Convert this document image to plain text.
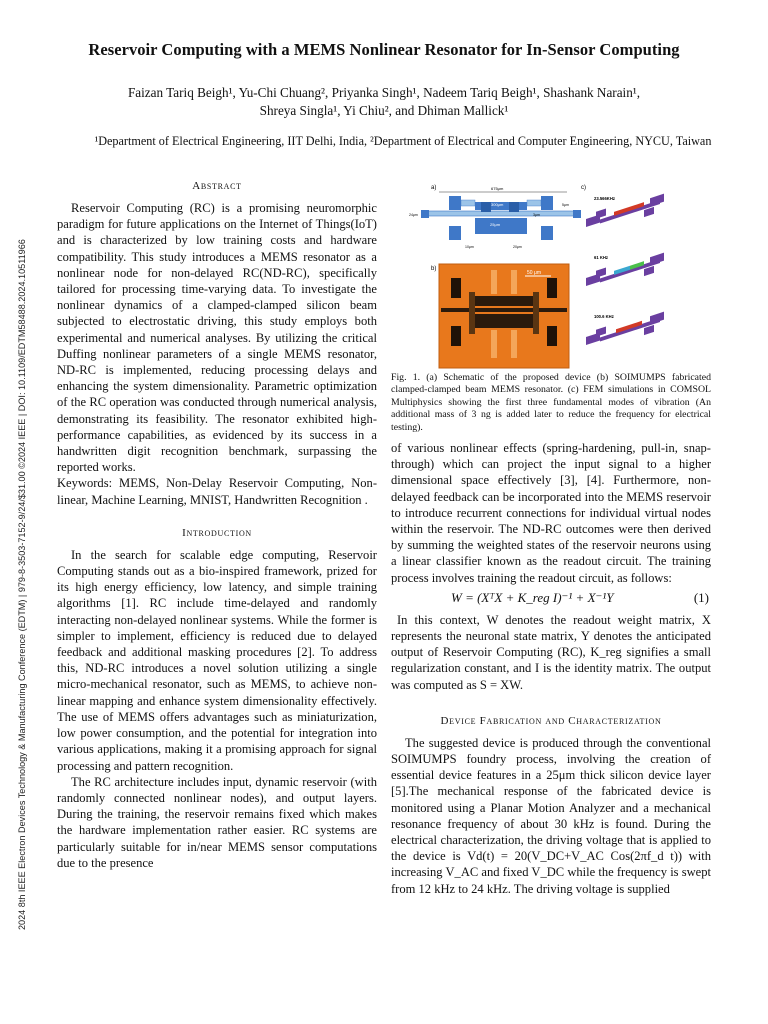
Reservoir Computing with a MEMS Nonlinear Resonator for In-Sensor Computing
Faizan Tariq Beigh¹, Yu-Chi Chuang², Priyanka Singh¹, Nadeem Tariq Beigh¹, Shashank Narain¹,
Shreya Singla¹, Yi Chiu², and Dhiman Mallick¹
¹Department of Electrical Engineering, IIT Delhi, India, ²Department of Electrical and Computer Engineering, NYCU, Taiwan
2024 8th IEEE Electron Devices Technology & Manufacturing Conference (EDTM) | 979-8-3503-7152-9/24/$31.00 ©2024 IEEE | DOI: 10.1109/EDTM58488.2024.10511966
Abstract

Reservoir Computing (RC) is a promising neuromorphic paradigm for future applications on the Internet of Things(IoT) and is characterized by low training costs and hardware compatibility. This study introduces a MEMS resonator as a nonlinear node for non-delayed RC(ND-RC), specifically tailored for processing time-varying data. To investigate the nonlinear dynamics of a clamped-clamped silicon beam subjected to electrostatic driving, this study employs both experimental and numerical analyses. By utilizing the critical Duffing nonlinear parameters of a single MEMS resonator, ND-RC is implemented, reducing processing delays and enhancing the system dimensionality. Parametric optimization of the RC operation was conducted through numerical analysis, demonstrating its feasibility. The resonator exhibited high-performance capabilities, as evidenced by its success in a handwritten digit recognition benchmark, surpassing the reported works.

Keywords: MEMS, Non-Delay Reservoir Computing, Non-linear, Machine Learning, MNIST, Handwritten Recognition .

Introduction

In the search for scalable edge computing, Reservoir Computing stands out as a bio-inspired framework, prized for its high energy efficiency, low latency, and simple training algorithms [1]. RC include time-delayed and randomly interacting non-delayed nonlinear systems. While the former is simpler to implement, efficiency is reduced due to delayed feedback and additional masking procedures [2]. To address this, ND-RC introduces a novel solution utilizing a single micro-mechanical resonator, such as MEMS, to achieve non-linear mapping and enhance system dimensionality effectively. The use of MEMS offers advantages such as miniaturization, low power consumption, and the potential for integration into various applications, making it a promising approach for signal processing and pattern recognition.

The RC architecture includes input, dynamic reservoir (with randomly connected nonlinear nodes), and output layers. During the training, the reservoir remains fixed which makes the hardware implementation rather easier. RC systems are particularly suitable for in/near MEMS sensor computations due to the presence

a)	675μm
300μm
25μm
3μm
24μm
5μm
10μm	20μm
b)
50 μm
c)
23.566KHz
61 KHz
100.6 KHz
Fig. 1. (a) Schematic of the proposed device (b) SOIMUMPS fabricated clamped-clamped beam MEMS resonator. (c) FEM simulations in COMSOL Multiphysics showing the first three fundamental modes of vibration (An additional mass of 3 ng is added later to reduce the frequency for electrical testing).

of various nonlinear effects (spring-hardening, pull-in, snap-through) which can project the input signal to a higher dimensional space effectively [3], [4]. Furthermore, non-delayed feedback can be incorporated into the MEMS reservoir to introduce recurrent connections for individual virtual nodes within the reservoir. The ND-RC outcomes were then derived by summing the weighted states of the reservoir neurons using a linear classifier known as the readout circuit. The training process involves training the readout circuit, as follows:

W = (XᵀX + K_reg I)⁻¹ + X⁻¹Y	(1)

In this context, W denotes the readout weight matrix, X represents the neuronal state matrix, Y denotes the anticipated output of Reservoir Computing (RC), K_reg signifies a small regularization constant, and I is the identity matrix. The output was computed as S = XW.

Device Fabrication and Characterization

The suggested device is produced through the conventional SOIMUMPS foundry process, involving the creation of essential device features in a 25μm thick silicon device layer [5].The mechanical response of the fabricated device is monitored using a Planar Motion Analyzer and a mechanical resonance frequency of about 30 kHz is found. During the electrical characterization, the driving voltage that is applied to the device is Vd(t) = 20(V_DC+V_AC Cos(2πf_d t)) with increasing V_AC and fixed V_DC while the frequency is swept from 12 kHz to 24 kHz. The driving voltage is supplied
